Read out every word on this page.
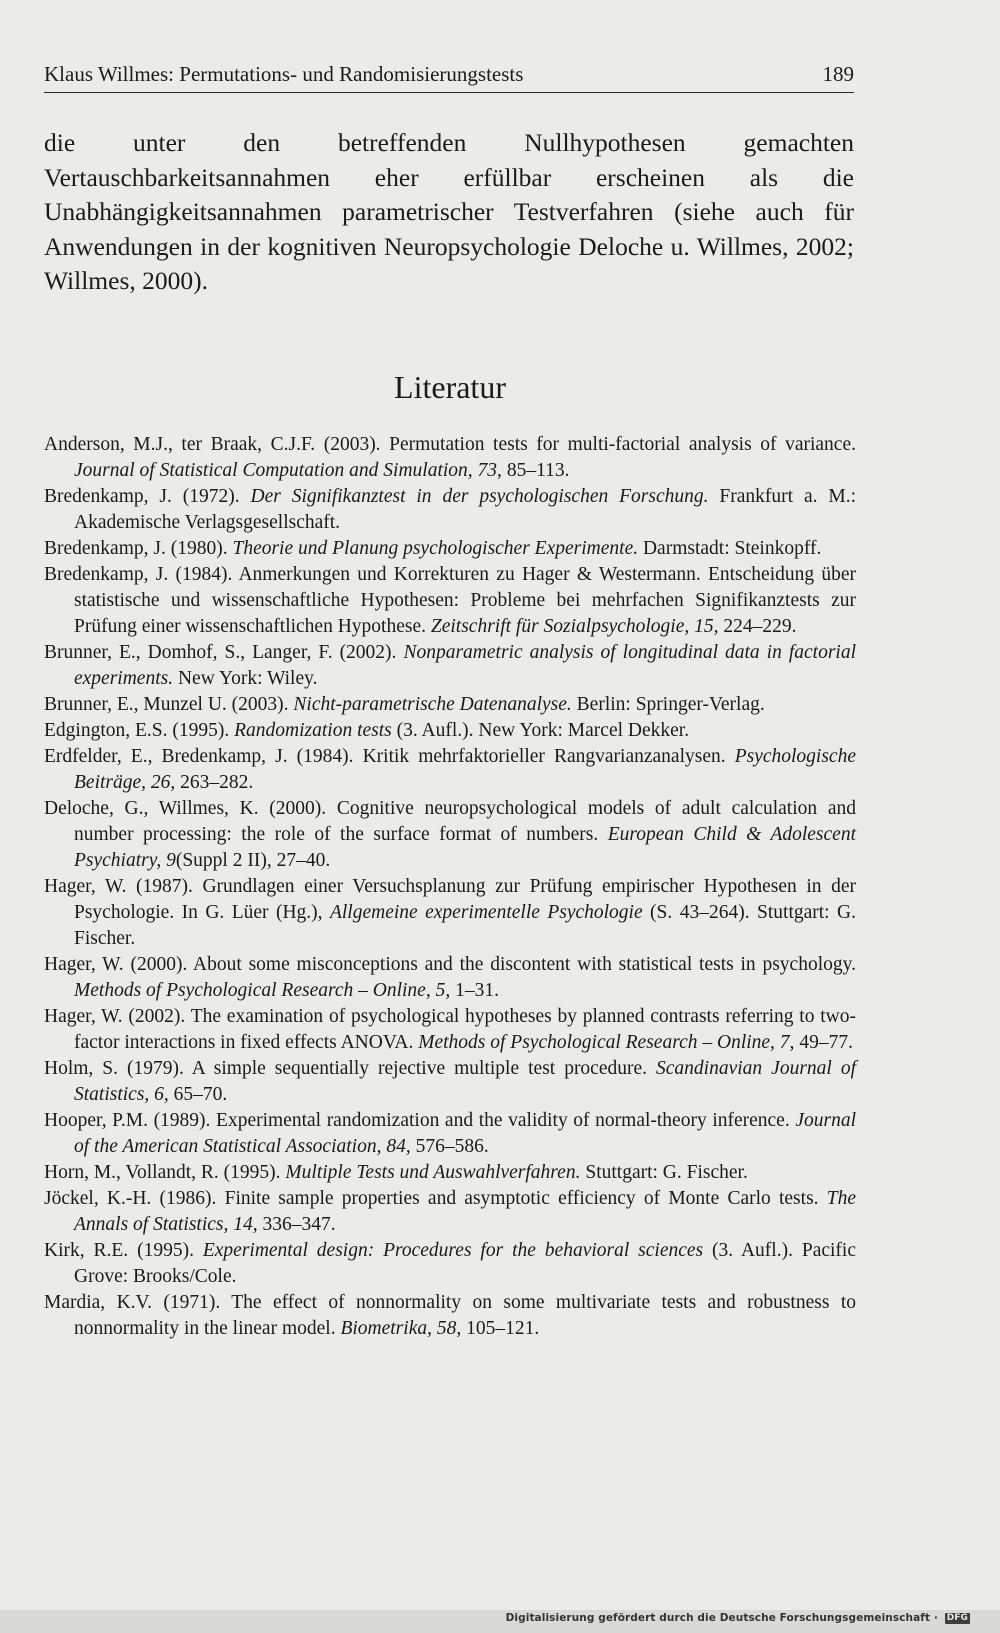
Klaus Willmes: Permutations- und Randomisierungstests	189

die unter den betreffenden Nullhypothesen gemachten Vertauschbarkeitsannahmen eher erfüllbar erscheinen als die Unabhängigkeitsannahmen parametrischer Testverfahren (siehe auch für Anwendungen in der kognitiven Neuropsychologie Deloche u. Willmes, 2002; Willmes, 2000).

Literatur
Anderson, M.J., ter Braak, C.J.F. (2003). Permutation tests for multi-factorial analysis of variance. Journal of Statistical Computation and Simulation, 73, 85–113.
Bredenkamp, J. (1972). Der Signifikanztest in der psychologischen Forschung. Frankfurt a. M.: Akademische Verlagsgesellschaft.
Bredenkamp, J. (1980). Theorie und Planung psychologischer Experimente. Darmstadt: Steinkopff.
Bredenkamp, J. (1984). Anmerkungen und Korrekturen zu Hager & Westermann. Entscheidung über statistische und wissenschaftliche Hypothesen: Probleme bei mehrfachen Signifikanztests zur Prüfung einer wissenschaftlichen Hypothese. Zeitschrift für Sozialpsychologie, 15, 224–229.
Brunner, E., Domhof, S., Langer, F. (2002). Nonparametric analysis of longitudinal data in factorial experiments. New York: Wiley.
Brunner, E., Munzel U. (2003). Nicht-parametrische Datenanalyse. Berlin: Springer-Verlag.
Edgington, E.S. (1995). Randomization tests (3. Aufl.). New York: Marcel Dekker.
Erdfelder, E., Bredenkamp, J. (1984). Kritik mehrfaktorieller Rangvarianzanalysen. Psychologische Beiträge, 26, 263–282.
Deloche, G., Willmes, K. (2000). Cognitive neuropsychological models of adult calculation and number processing: the role of the surface format of numbers. European Child & Adolescent Psychiatry, 9(Suppl 2 II), 27–40.
Hager, W. (1987). Grundlagen einer Versuchsplanung zur Prüfung empirischer Hypothesen in der Psychologie. In G. Lüer (Hg.), Allgemeine experimentelle Psychologie (S. 43–264). Stuttgart: G. Fischer.
Hager, W. (2000). About some misconceptions and the discontent with statistical tests in psychology. Methods of Psychological Research – Online, 5, 1–31.
Hager, W. (2002). The examination of psychological hypotheses by planned contrasts referring to two-factor interactions in fixed effects ANOVA. Methods of Psychological Research – Online, 7, 49–77.
Holm, S. (1979). A simple sequentially rejective multiple test procedure. Scandinavian Journal of Statistics, 6, 65–70.
Hooper, P.M. (1989). Experimental randomization and the validity of normal-theory inference. Journal of the American Statistical Association, 84, 576–586.
Horn, M., Vollandt, R. (1995). Multiple Tests und Auswahlverfahren. Stuttgart: G. Fischer.
Jöckel, K.-H. (1986). Finite sample properties and asymptotic efficiency of Monte Carlo tests. The Annals of Statistics, 14, 336–347.
Kirk, R.E. (1995). Experimental design: Procedures for the behavioral sciences (3. Aufl.). Pacific Grove: Brooks/Cole.
Mardia, K.V. (1971). The effect of nonnormality on some multivariate tests and robustness to nonnormality in the linear model. Biometrika, 58, 105–121.
Digitalisierung gefördert durch die Deutsche Forschungsgemeinschaft · DFG
